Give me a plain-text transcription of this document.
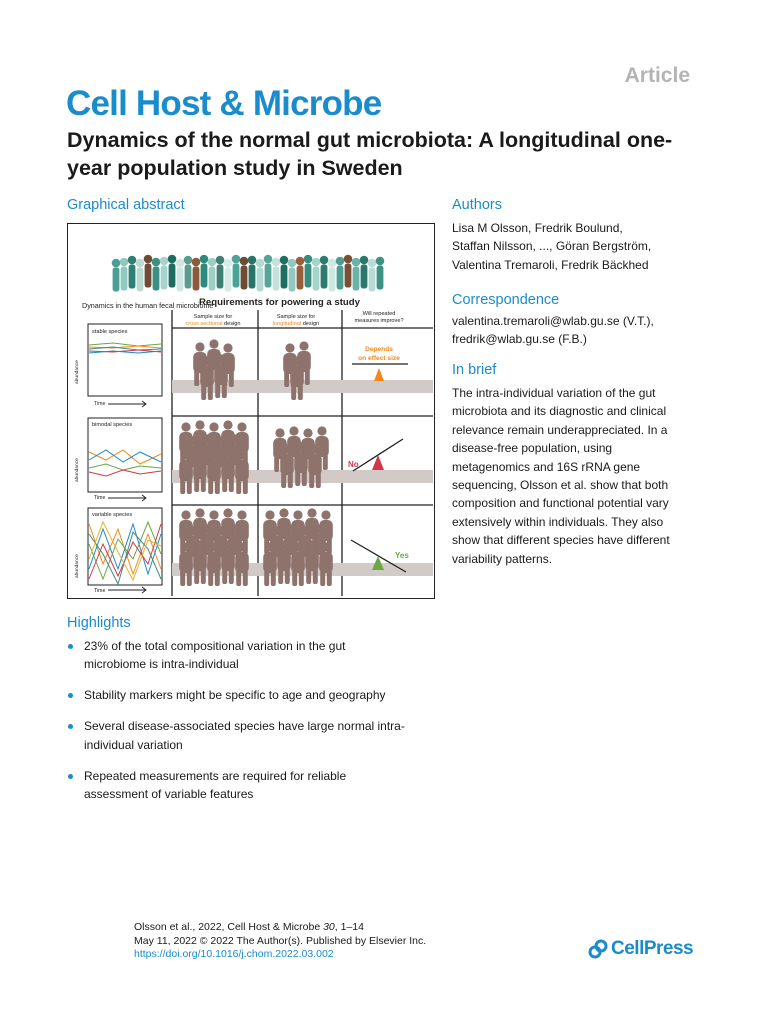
Article
Cell Host & Microbe
Dynamics of the normal gut microbiota: A longitudinal one-year population study in Sweden
Graphical abstract
Dynamics in the human fecal microbiome
Requirements for powering a study
Sample size for
cross sectional design
Sample size for
longitudinal design
Will repeated
measures improve?
stable species
abundance
Time
bimodal species
abundance
Time
variable species
abundance
Time
Depends
on effect size
No
Yes
Authors
Lisa M Olsson, Fredrik Boulund,
Staffan Nilsson, ..., Göran Bergström,
Valentina Tremaroli, Fredrik Bäckhed
Correspondence
valentina.tremaroli@wlab.gu.se (V.T.),
fredrik@wlab.gu.se (F.B.)
In brief
The intra-individual variation of the gut
microbiota and its diagnostic and clinical
relevance remain underappreciated. In a
disease-free population, using
metagenomics and 16S rRNA gene
sequencing, Olsson et al. show that both
composition and functional potential vary
extensively within individuals. They also
show that different species have different
variability patterns.
Highlights
23% of the total compositional variation in the gut
microbiome is intra-individual
Stability markers might be specific to age and geography
Several disease-associated species have large normal intra-
individual variation
Repeated measurements are required for reliable
assessment of variable features
Olsson et al., 2022, Cell Host & Microbe 30, 1–14
May 11, 2022 © 2022 The Author(s). Published by Elsevier Inc.
https://doi.org/10.1016/j.chom.2022.03.002	CellPress
